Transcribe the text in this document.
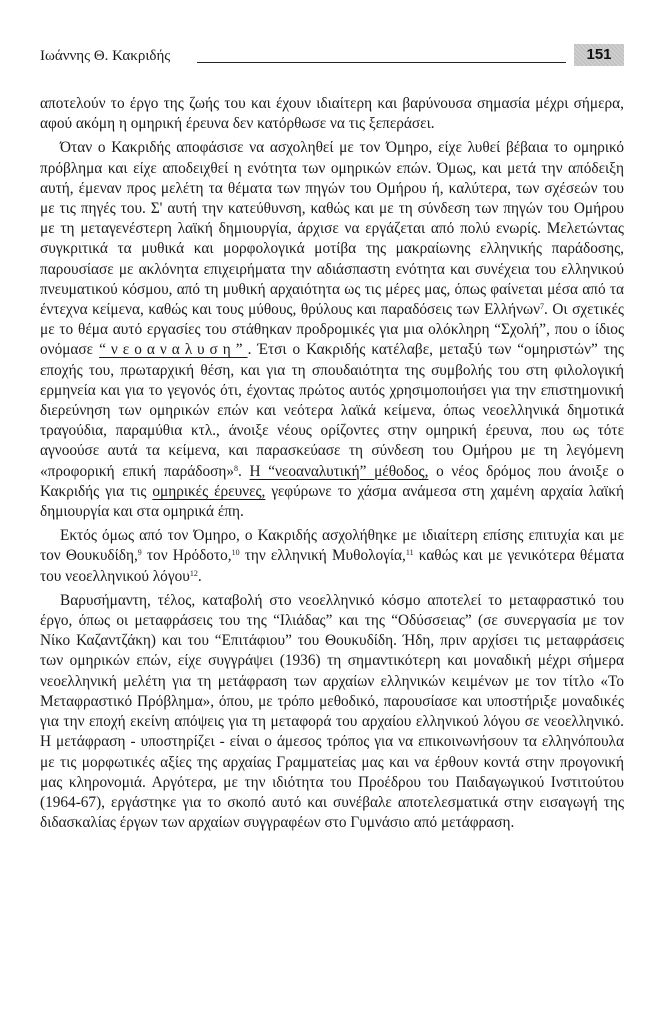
Ιωάννης Θ. Κακριδής	151

αποτελούν το έργο της ζωής του και έχουν ιδιαίτερη και βαρύνουσα σημασία μέχρι σήμερα, αφού ακόμη η ομηρική έρευνα δεν κατόρθωσε να τις ξεπεράσει.

Όταν ο Κακριδής αποφάσισε να ασχοληθεί με τον Όμηρο, είχε λυθεί βέβαια το ομηρικό πρόβλημα και είχε αποδειχθεί η ενότητα των ομηρικών επών. Όμως, και μετά την απόδειξη αυτή, έμεναν προς μελέτη τα θέματα των πηγών του Ομήρου ή, καλύτερα, των σχέσεών του με τις πηγές του. Σ' αυτή την κατεύθυνση, καθώς και με τη σύνδεση των πηγών του Ομήρου με τη μεταγενέστερη λαϊκή δημιουργία, άρχισε να εργάζεται από πολύ ενωρίς. Μελετώντας συγκριτικά τα μυθικά και μορφολογικά μοτίβα της μακραίωνης ελληνικής παράδοσης, παρουσίασε με ακλόνητα επιχειρήματα την αδιάσπαστη ενότητα και συνέχεια του ελληνικού πνευματικού κόσμου, από τη μυθική αρχαιότητα ως τις μέρες μας, όπως φαίνεται μέσα από τα έντεχνα κείμενα, καθώς και τους μύθους, θρύλους και παραδόσεις των Ελλήνων$^7$. Οι σχετικές με το θέμα αυτό εργασίες του στάθηκαν προδρομικές για μια ολόκληρη “Σχολή”, που ο ίδιος ονόμασε “νεοαναλυση”. Έτσι ο Κακριδής κατέλαβε, μεταξύ των “ομηριστών” της εποχής του, πρωταρχική θέση, και για τη σπουδαιότητα της συμβολής του στη φιλολογική ερμηνεία και για το γεγονός ότι, έχοντας πρώτος αυτός χρησιμοποιήσει για την επιστημονική διερεύνηση των ομηρικών επών και νεότερα λαϊκά κείμενα, όπως νεοελληνικά δημοτικά τραγούδια, παραμύθια κτλ., άνοιξε νέους ορίζοντες στην ομηρική έρευνα, που ως τότε αγνοούσε αυτά τα κείμενα, και παρασκεύασε τη σύνδεση του Ομήρου με τη λεγόμενη «προφορική επική παράδοση»$^8$. Η “νεοαναλυτική” μέθοδος, ο νέος δρόμος που άνοιξε ο Κακριδής για τις ομηρικές έρευνες, γεφύρωνε το χάσμα ανάμεσα στη χαμένη αρχαία λαϊκή δημιουργία και στα ομηρικά έπη.

Εκτός όμως από τον Όμηρο, ο Κακριδής ασχολήθηκε με ιδιαίτερη επίσης επιτυχία και με τον Θουκυδίδη,$^9$ τον Ηρόδοτο,$^{10}$ την ελληνική Μυθολογία,$^{11}$ καθώς και με γενικότερα θέματα του νεοελληνικού λόγου$^{12}$.

Βαρυσήμαντη, τέλος, καταβολή στο νεοελληνικό κόσμο αποτελεί το μεταφραστικό του έργο, όπως οι μεταφράσεις του της “Ιλιάδας” και της “Οδύσσειας” (σε συνεργασία με τον Νίκο Καζαντζάκη) και του “Επιτάφιου” του Θουκυδίδη. Ήδη, πριν αρχίσει τις μεταφράσεις των ομηρικών επών, είχε συγγράψει (1936) τη σημαντικότερη και μοναδική μέχρι σήμερα νεοελληνική μελέτη για τη μετάφραση των αρχαίων ελληνικών κειμένων με τον τίτλο «Το Μεταφραστικό Πρόβλημα», όπου, με τρόπο μεθοδικό, παρουσίασε και υποστήριξε μοναδικές για την εποχή εκείνη απόψεις για τη μεταφορά του αρχαίου ελληνικού λόγου σε νεοελληνικό. Η μετάφραση - υποστηρίζει - είναι ο άμεσος τρόπος για να επικοινωνήσουν τα ελληνόπουλα με τις μορφωτικές αξίες της αρχαίας Γραμματείας μας και να έρθουν κοντά στην προγονική μας κληρονομιά. Αργότερα, με την ιδιότητα του Προέδρου του Παιδαγωγικού Ινστιτούτου (1964-67), εργάστηκε για το σκοπό αυτό και συνέβαλε αποτελεσματικά στην εισαγωγή της διδασκαλίας έργων των αρχαίων συγγραφέων στο Γυμνάσιο από μετάφραση.
